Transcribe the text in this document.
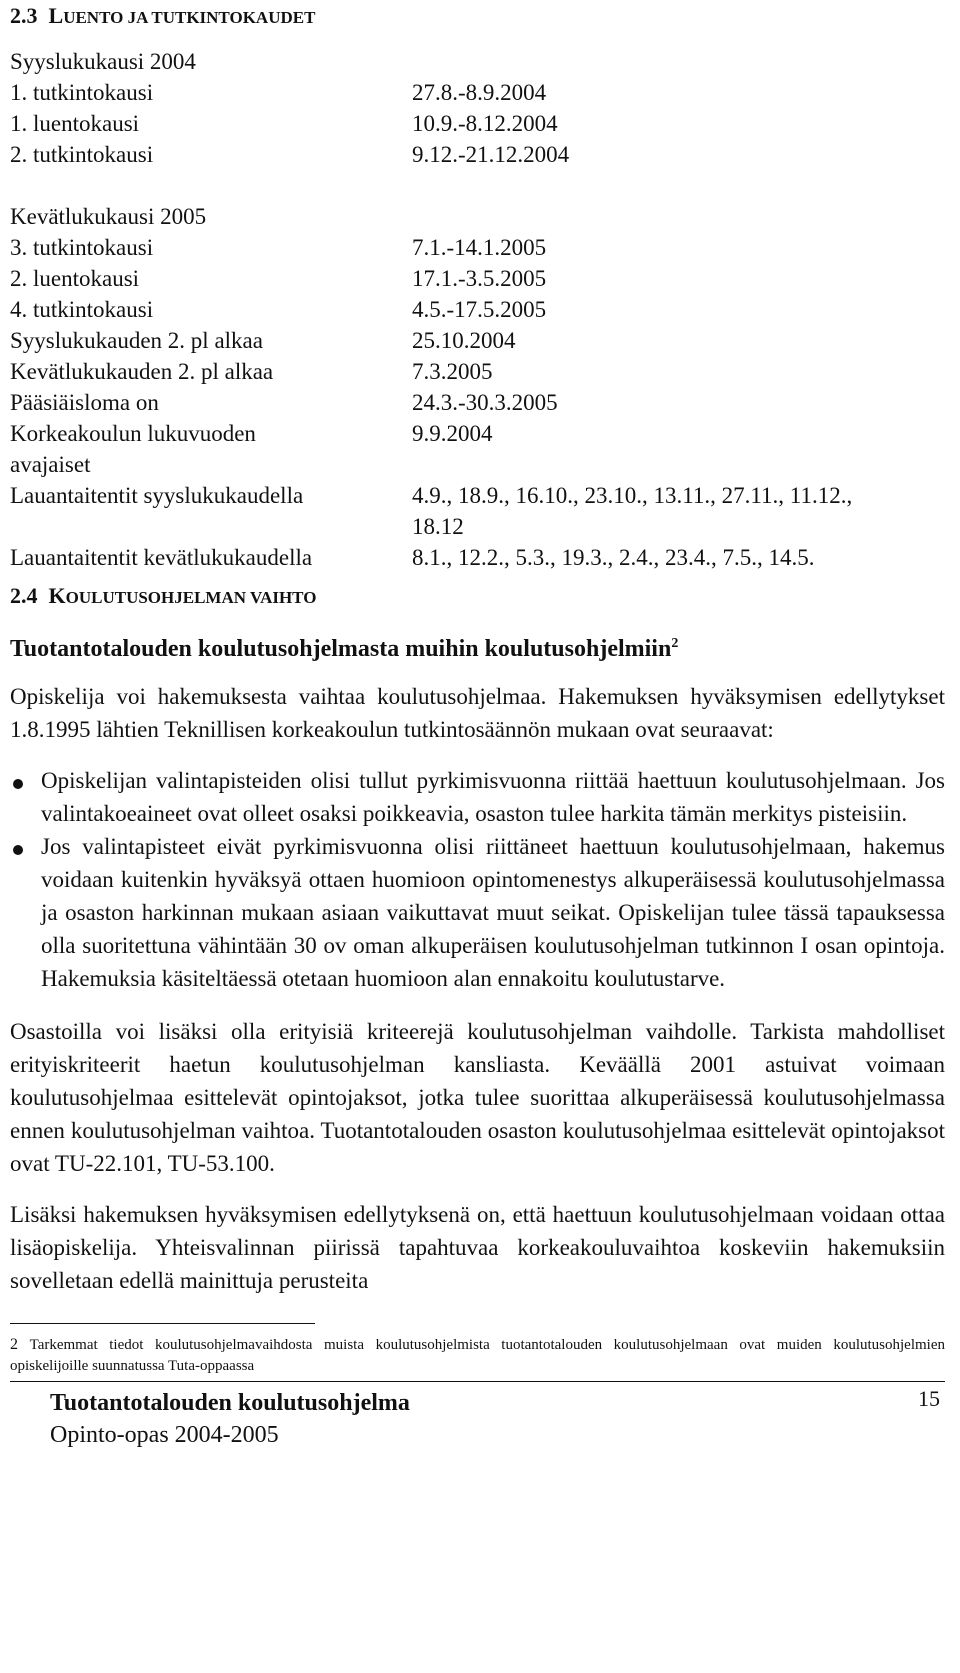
2.3 LUENTO JA TUTKINTOKAUDET
Syyslukukausi 2004
1. tutkintokausi	27.8.-8.9.2004
1. luentokausi	10.9.-8.12.2004
2. tutkintokausi	9.12.-21.12.2004
Kevätlukukausi 2005
3. tutkintokausi	7.1.-14.1.2005
2. luentokausi	17.1.-3.5.2005
4. tutkintokausi	4.5.-17.5.2005
Syyslukukauden 2. pl alkaa	25.10.2004
Kevätlukukauden 2. pl alkaa	7.3.2005
Pääsiäisloma on	24.3.-30.3.2005
Korkeakoulun lukuvuoden	9.9.2004
avajaiset
Lauantaitentit syyslukukaudella	4.9., 18.9., 16.10., 23.10., 13.11., 27.11., 11.12.,
18.12
Lauantaitentit kevätlukukaudella	8.1., 12.2., 5.3., 19.3., 2.4., 23.4., 7.5., 14.5.
2.4 KOULUTUSOHJELMAN VAIHTO
Tuotantotalouden koulutusohjelmasta muihin koulutusohjelmiin$^2$

Opiskelija voi hakemuksesta vaihtaa koulutusohjelmaa. Hakemuksen hyväksymisen edellytykset 1.8.1995 lähtien Teknillisen korkeakoulun tutkintosäännön mukaan ovat seuraavat:

Opiskelijan valintapisteiden olisi tullut pyrkimisvuonna riittää haettuun koulutusohjelmaan. Jos valintakoeaineet ovat olleet osaksi poikkeavia, osaston tulee harkita tämän merkitys pisteisiin.
Jos valintapisteet eivät pyrkimisvuonna olisi riittäneet haettuun koulutusohjelmaan, hakemus voidaan kuitenkin hyväksyä ottaen huomioon opintomenestys alkuperäisessä koulutusohjelmassa ja osaston harkinnan mukaan asiaan vaikuttavat muut seikat. Opiskelijan tulee tässä tapauksessa olla suoritettuna vähintään 30 ov oman alkuperäisen koulutusohjelman tutkinnon I osan opintoja. Hakemuksia käsiteltäessä otetaan huomioon alan ennakoitu koulutustarve.

Osastoilla voi lisäksi olla erityisiä kriteerejä koulutusohjelman vaihdolle. Tarkista mahdolliset erityiskriteerit haetun koulutusohjelman kansliasta. Keväällä 2001 astuivat voimaan koulutusohjelmaa esittelevät opintojaksot, jotka tulee suorittaa alkuperäisessä koulutusohjelmassa ennen koulutusohjelman vaihtoa. Tuotantotalouden osaston koulutusohjelmaa esittelevät opintojaksot ovat TU-22.101, TU-53.100.

Lisäksi hakemuksen hyväksymisen edellytyksenä on, että haettuun koulutusohjelmaan voidaan ottaa lisäopiskelija. Yhteisvalinnan piirissä tapahtuvaa korkeakouluvaihtoa koskeviin hakemuksiin sovelletaan edellä mainittuja perusteita

2 Tarkemmat tiedot koulutusohjelmavaihdosta muista koulutusohjelmista tuotantotalouden koulutusohjelmaan ovat muiden koulutusohjelmien opiskelijoille suunnatussa Tuta-oppaassa

Tuotantotalouden koulutusohjelma
Opinto-opas 2004-2005
15
